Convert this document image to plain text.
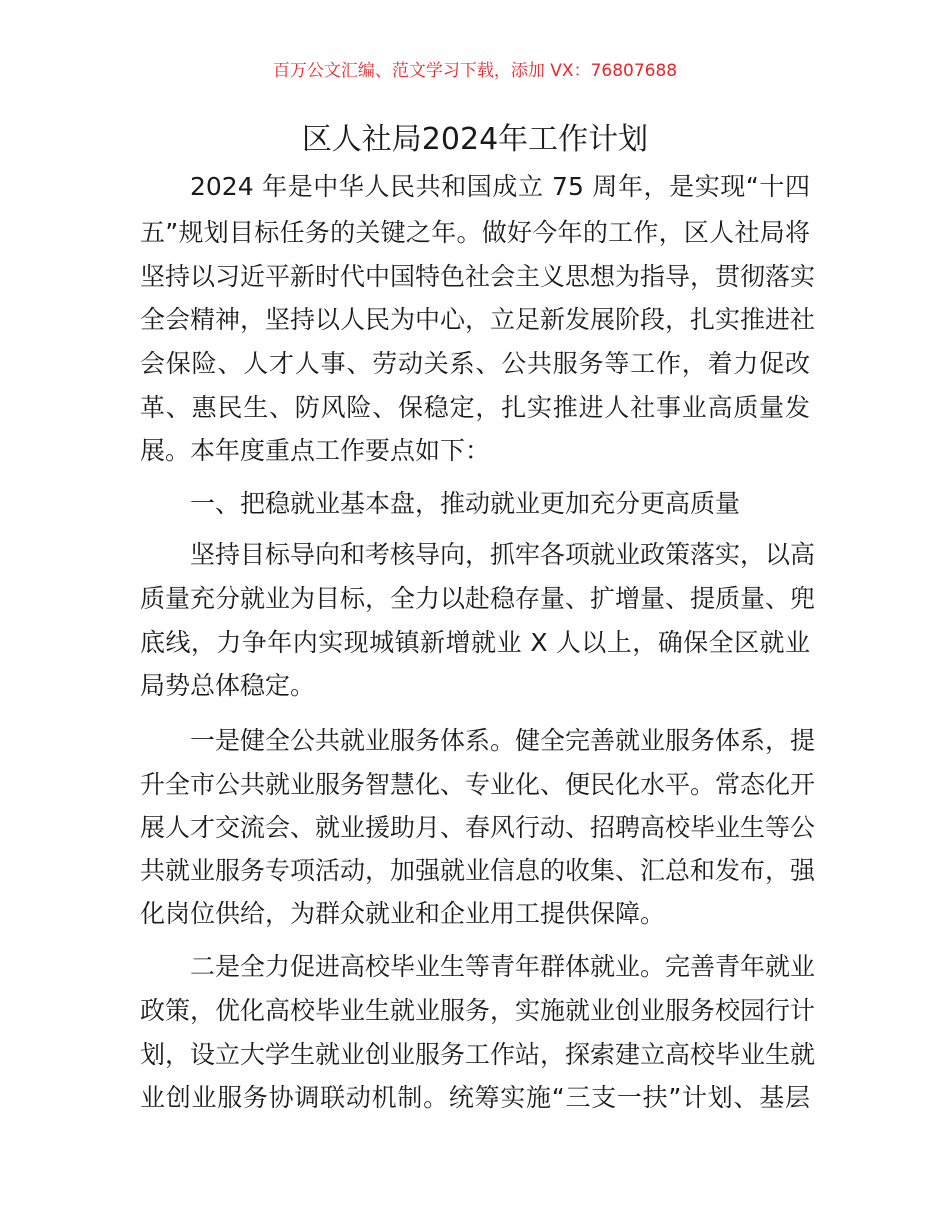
百万公文汇编、范文学习下载，添加 VX：76807688
区人社局2024年工作计划
2024 年是中华人民共和国成立 75 周年，是实现“十四
五”规划目标任务的关键之年。做好今年的工作，区人社局将
坚持以习近平新时代中国特色社会主义思想为指导，贯彻落实
全会精神，坚持以人民为中心，立足新发展阶段，扎实推进社
会保险、人才人事、劳动关系、公共服务等工作，着力促改
革、惠民生、防风险、保稳定，扎实推进人社事业高质量发
展。本年度重点工作要点如下：
一、把稳就业基本盘，推动就业更加充分更高质量
坚持目标导向和考核导向，抓牢各项就业政策落实，以高
质量充分就业为目标，全力以赴稳存量、扩增量、提质量、兜
底线，力争年内实现城镇新增就业 X 人以上，确保全区就业
局势总体稳定。
一是健全公共就业服务体系。健全完善就业服务体系，提
升全市公共就业服务智慧化、专业化、便民化水平。常态化开
展人才交流会、就业援助月、春风行动、招聘高校毕业生等公
共就业服务专项活动，加强就业信息的收集、汇总和发布，强
化岗位供给，为群众就业和企业用工提供保障。
二是全力促进高校毕业生等青年群体就业。完善青年就业
政策，优化高校毕业生就业服务，实施就业创业服务校园行计
划，设立大学生就业创业服务工作站，探索建立高校毕业生就
业创业服务协调联动机制。统筹实施“三支一扶”计划、基层
